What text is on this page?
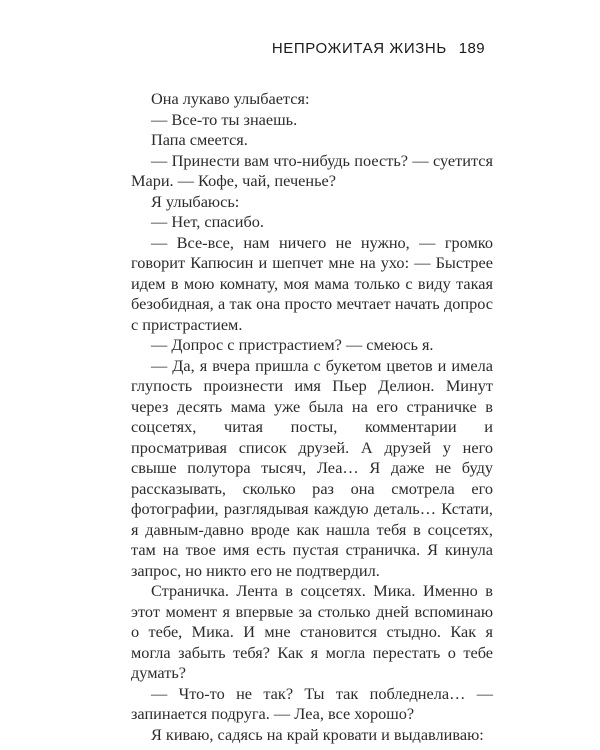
НЕПРОЖИТАЯ ЖИЗНЬ 189

Она лукаво улыбается:

— Все-то ты знаешь.

Папа смеется.

— Принести вам что-нибудь поесть? — суетится Мари. — Кофе, чай, печенье?

Я улыбаюсь:

— Нет, спасибо.

— Все-все, нам ничего не нужно, — громко говорит Капюсин и шепчет мне на ухо: — Быстрее идем в мою комнату, моя мама только с виду такая безобидная, а так она просто мечтает начать допрос с пристрастием.

— Допрос с пристрастием? — смеюсь я.

— Да, я вчера пришла с букетом цветов и имела глупость произнести имя Пьер Делион. Минут через десять мама уже была на его страничке в соцсетях, читая посты, комментарии и просматривая список друзей. А друзей у него свыше полутора тысяч, Леа… Я даже не буду рассказывать, сколько раз она смотрела его фотографии, разглядывая каждую деталь… Кстати, я давным-давно вроде как нашла тебя в соцсетях, там на твое имя есть пустая страничка. Я кинула запрос, но никто его не подтвердил.

Страничка. Лента в соцсетях. Мика. Именно в этот момент я впервые за столько дней вспоминаю о тебе, Мика. И мне становится стыдно. Как я могла забыть тебя? Как я могла перестать о тебе думать?

— Что-то не так? Ты так побледнела… — запинается подруга. — Леа, все хорошо?

Я киваю, садясь на край кровати и выдавливаю:
